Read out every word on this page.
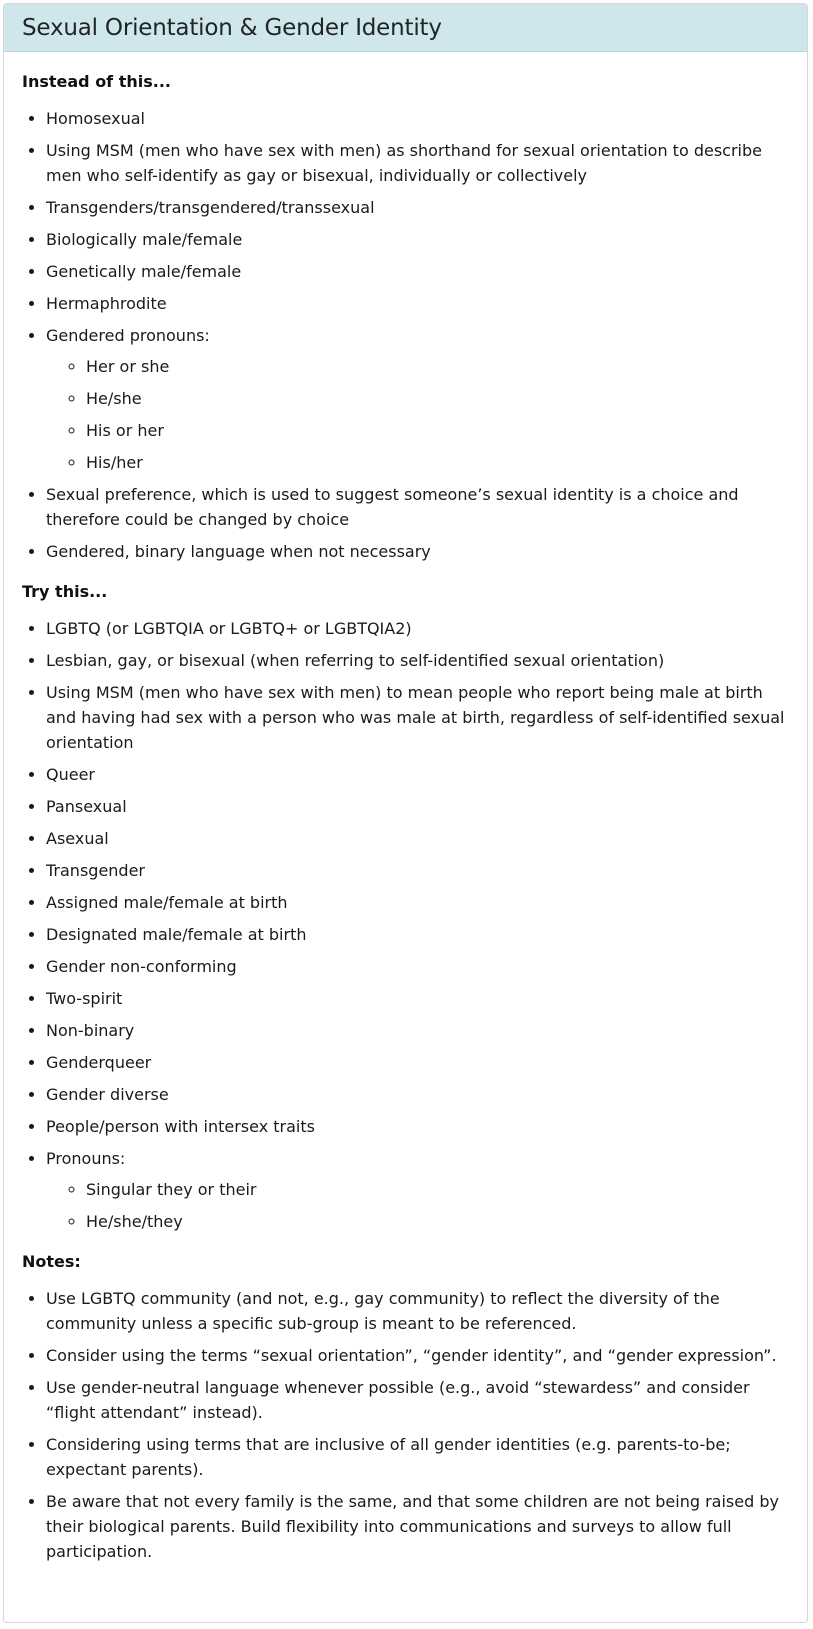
Sexual Orientation & Gender Identity

Instead of this...

• Homosexual
• Using MSM (men who have sex with men) as shorthand for sexual orientation to describe men who self-identify as gay or bisexual, individually or collectively
• Transgenders/transgendered/transsexual
• Biologically male/female
• Genetically male/female
• Hermaphrodite
• Gendered pronouns:
◦ Her or she
◦ He/she
◦ His or her
◦ His/her
• Sexual preference, which is used to suggest someone’s sexual identity is a choice and therefore could be changed by choice
• Gendered, binary language when not necessary

Try this...

• LGBTQ (or LGBTQIA or LGBTQ+ or LGBTQIA2)
• Lesbian, gay, or bisexual (when referring to self-identified sexual orientation)
• Using MSM (men who have sex with men) to mean people who report being male at birth and having had sex with a person who was male at birth, regardless of self-identified sexual orientation
• Queer
• Pansexual
• Asexual
• Transgender
• Assigned male/female at birth
• Designated male/female at birth
• Gender non-conforming
• Two-spirit
• Non-binary
• Genderqueer
• Gender diverse
• People/person with intersex traits
• Pronouns:
◦ Singular they or their
◦ He/she/they

Notes:

• Use LGBTQ community (and not, e.g., gay community) to reflect the diversity of the community unless a specific sub-group is meant to be referenced.
• Consider using the terms “sexual orientation”, “gender identity”, and “gender expression”.
• Use gender-neutral language whenever possible (e.g., avoid “stewardess” and consider “flight attendant” instead).
• Considering using terms that are inclusive of all gender identities (e.g. parents-to-be; expectant parents).
• Be aware that not every family is the same, and that some children are not being raised by their biological parents. Build flexibility into communications and surveys to allow full participation.
